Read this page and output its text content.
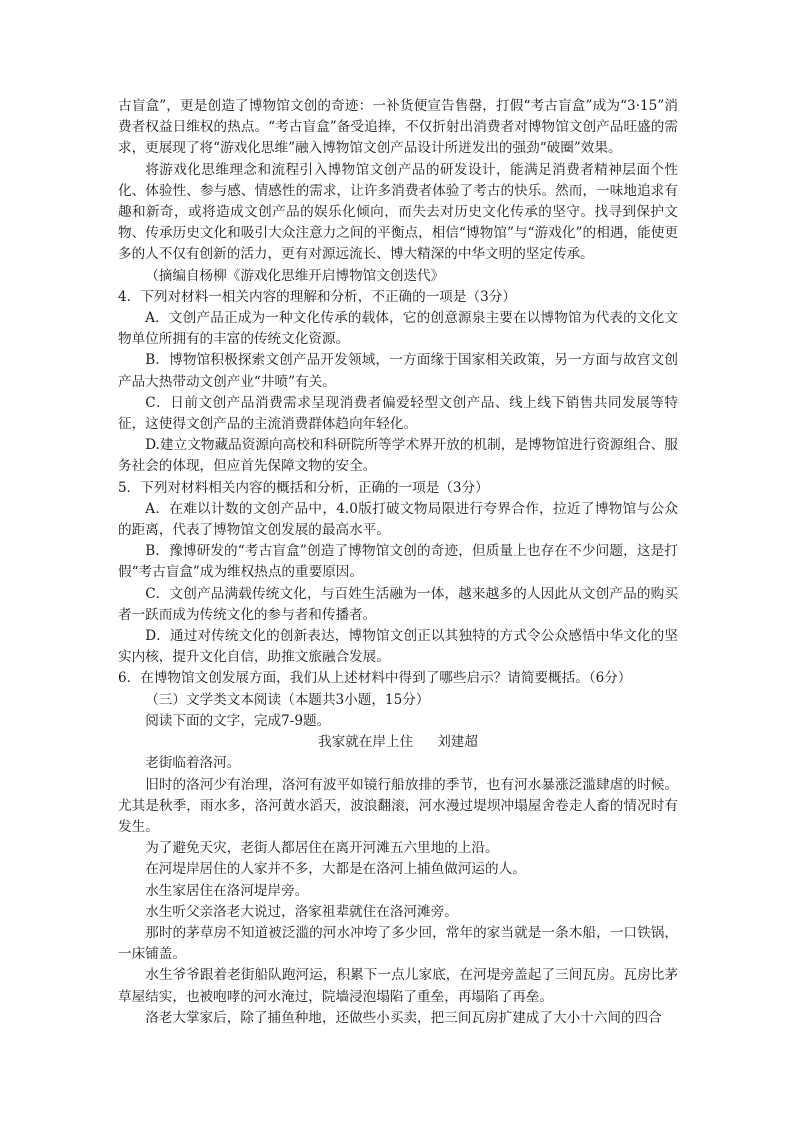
古盲盒”，更是创造了博物馆文创的奇迹：一补货便宣告售罄，打假“考古盲盒”成为“3·15”消费者权益日维权的热点。“考古盲盒”备受追捧，不仅折射出消费者对博物馆文创产品旺盛的需求，更展现了将“游戏化思维”融入博物馆文创产品设计所迸发出的强劲“破圈”效果。

将游戏化思维理念和流程引入博物馆文创产品的研发设计，能满足消费者精神层面个性化、体验性、参与感、情感性的需求，让许多消费者体验了考古的快乐。然而，一味地追求有趣和新奇，或将造成文创产品的娱乐化倾向，而失去对历史文化传承的坚守。找寻到保护文物、传承历史文化和吸引大众注意力之间的平衡点，相信“博物馆”与“游戏化”的相遇，能使更多的人不仅有创新的活力，更有对源远流长、博大精深的中华文明的坚定传承。

（摘编自杨柳《游戏化思维开启博物馆文创迭代》

4．下列对材料一相关内容的理解和分析，不正确的一项是（3分）

A．文创产品正成为一种文化传承的载体，它的创意源泉主要在以博物馆为代表的文化文物单位所拥有的丰富的传统文化资源。

B．博物馆积极探索文创产品开发领域，一方面缘于国家相关政策，另一方面与故宫文创产品大热带动文创产业“井喷”有关。

C．日前文创产品消费需求呈现消费者偏爱轻型文创产品、线上线下销售共同发展等特征，这使得文创产品的主流消费群体趋向年轻化。

D.建立文物藏品资源向高校和科研院所等学术界开放的机制，是博物馆进行资源组合、服务社会的体现，但应首先保障文物的安全。

5．下列对材料相关内容的概括和分析，正确的一项是（3分）

A．在难以计数的文创产品中，4.0版打破文物局限进行夸界合作，拉近了博物馆与公众的距离，代表了博物馆文创发展的最高水平。

B．豫博研发的“考古盲盒”创造了博物馆文创的奇迹，但质量上也存在不少问题，这是打假“考古盲盒”成为维权热点的重要原因。

C．文创产品满载传统文化，与百姓生活融为一体，越来越多的人因此从文创产品的购买者一跃而成为传统文化的参与者和传播者。

D．通过对传统文化的创新表达，博物馆文创正以其独特的方式令公众感悟中华文化的坚实内核，提升文化自信，助推文旅融合发展。

6．在博物馆文创发展方面，我们从上述材料中得到了哪些启示？请简要概括。（6分）

（三）文学类文本阅读（本题共3小题，15分）

阅读下面的文字，完成7-9题。

我家就在岸上住 刘建超

老街临着洛河。

旧时的洛河少有治理，洛河有波平如镜行船放排的季节，也有河水暴涨泛滥肆虐的时候。尤其是秋季，雨水多，洛河黄水滔天，波浪翻滚，河水漫过堤坝冲塌屋舍卷走人畜的情况时有发生。

为了避免天灾，老街人都居住在离开河滩五六里地的上沿。

在河堤岸居住的人家并不多，大都是在洛河上捕鱼做河运的人。

水生家居住在洛河堤岸旁。

水生听父亲洛老大说过，洛家祖辈就住在洛河滩旁。

那时的茅草房不知道被泛滥的河水冲垮了多少回，常年的家当就是一条木船，一口铁锅，一床铺盖。

水生爷爷跟着老街船队跑河运，积累下一点儿家底，在河堤旁盖起了三间瓦房。瓦房比茅草屋结实，也被咆哮的河水淹过，院墙浸泡塌陷了重垒，再塌陷了再垒。

洛老大掌家后，除了捕鱼种地，还做些小买卖，把三间瓦房扩建成了大小十六间的四合
